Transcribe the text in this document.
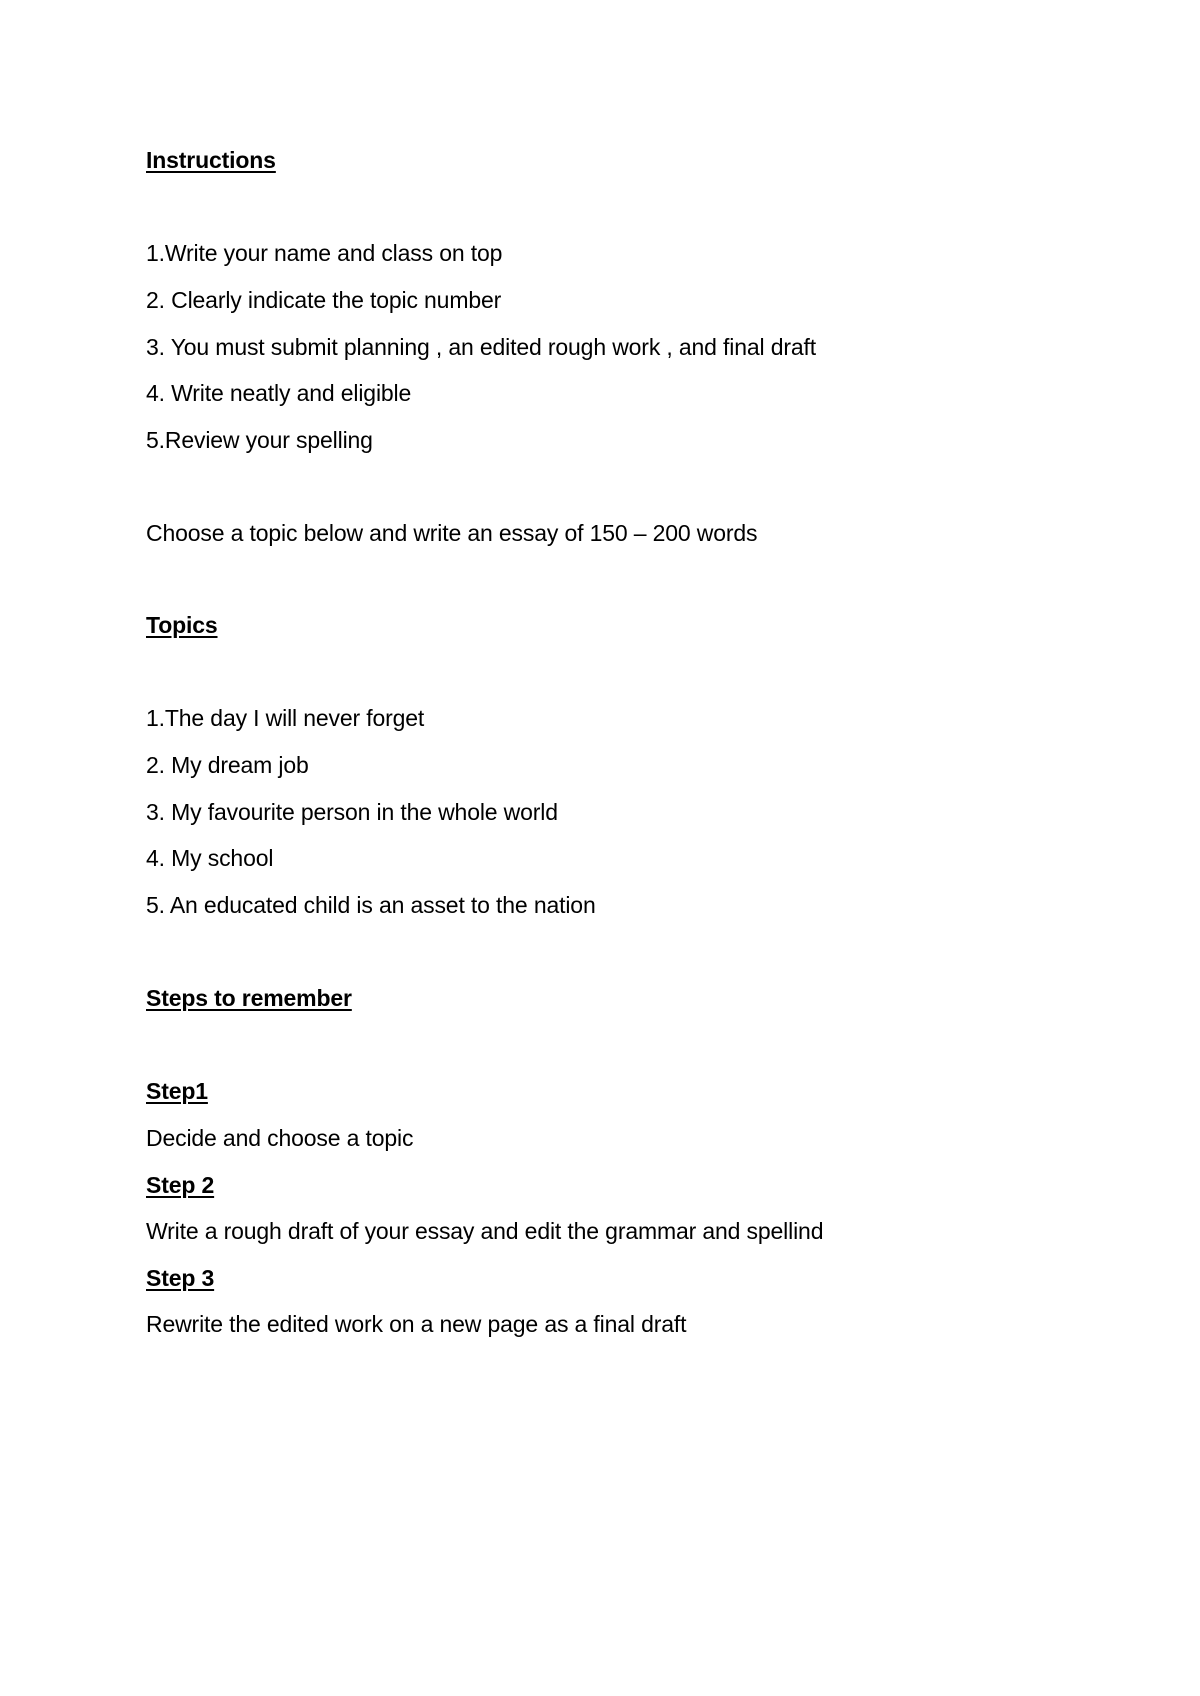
Instructions
1.Write your name and class on top
2. Clearly indicate the topic number
3. You must submit planning , an edited rough work , and final draft
4. Write neatly and eligible
5.Review your spelling
Choose a topic below and write an essay of 150 – 200 words
Topics
1.The day I will never forget
2. My dream job
3. My favourite person in the whole world
4. My school
5. An educated child is an asset to the nation
Steps to remember
Step1
Decide and choose a topic
Step 2
Write a rough draft of your essay and edit the grammar and spellind
Step 3
Rewrite the edited work on a new page as a final draft
